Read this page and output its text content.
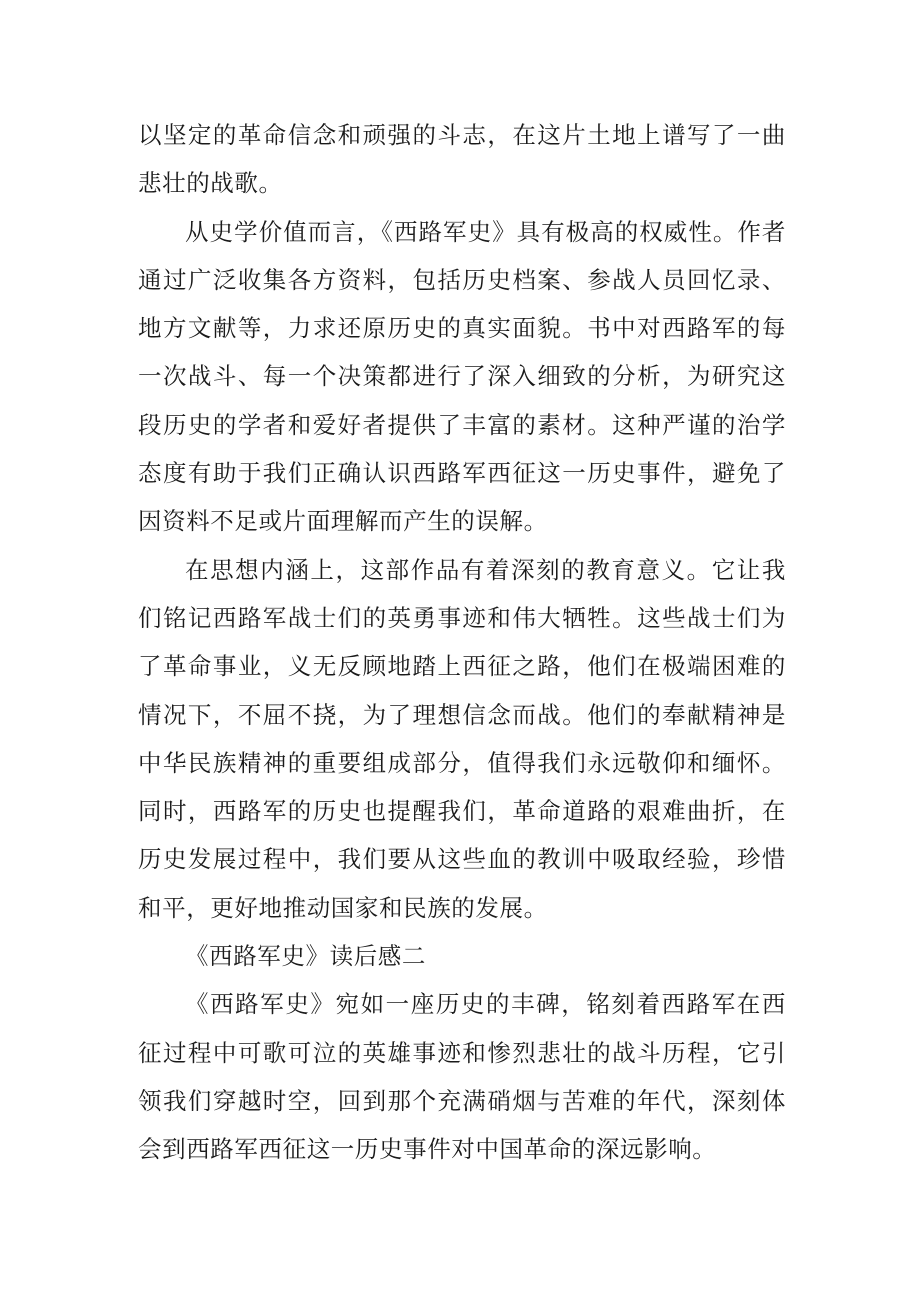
以坚定的革命信念和顽强的斗志，在这片土地上谱写了一曲悲壮的战歌。

从史学价值而言，《西路军史》具有极高的权威性。作者通过广泛收集各方资料，包括历史档案、参战人员回忆录、地方文献等，力求还原历史的真实面貌。书中对西路军的每一次战斗、每一个决策都进行了深入细致的分析，为研究这段历史的学者和爱好者提供了丰富的素材。这种严谨的治学态度有助于我们正确认识西路军西征这一历史事件，避免了因资料不足或片面理解而产生的误解。

在思想内涵上，这部作品有着深刻的教育意义。它让我们铭记西路军战士们的英勇事迹和伟大牺牲。这些战士们为了革命事业，义无反顾地踏上西征之路，他们在极端困难的情况下，不屈不挠，为了理想信念而战。他们的奉献精神是中华民族精神的重要组成部分，值得我们永远敬仰和缅怀。同时，西路军的历史也提醒我们，革命道路的艰难曲折，在历史发展过程中，我们要从这些血的教训中吸取经验，珍惜和平，更好地推动国家和民族的发展。

《西路军史》读后感二

《西路军史》宛如一座历史的丰碑，铭刻着西路军在西征过程中可歌可泣的英雄事迹和惨烈悲壮的战斗历程，它引领我们穿越时空，回到那个充满硝烟与苦难的年代，深刻体会到西路军西征这一历史事件对中国革命的深远影响。
